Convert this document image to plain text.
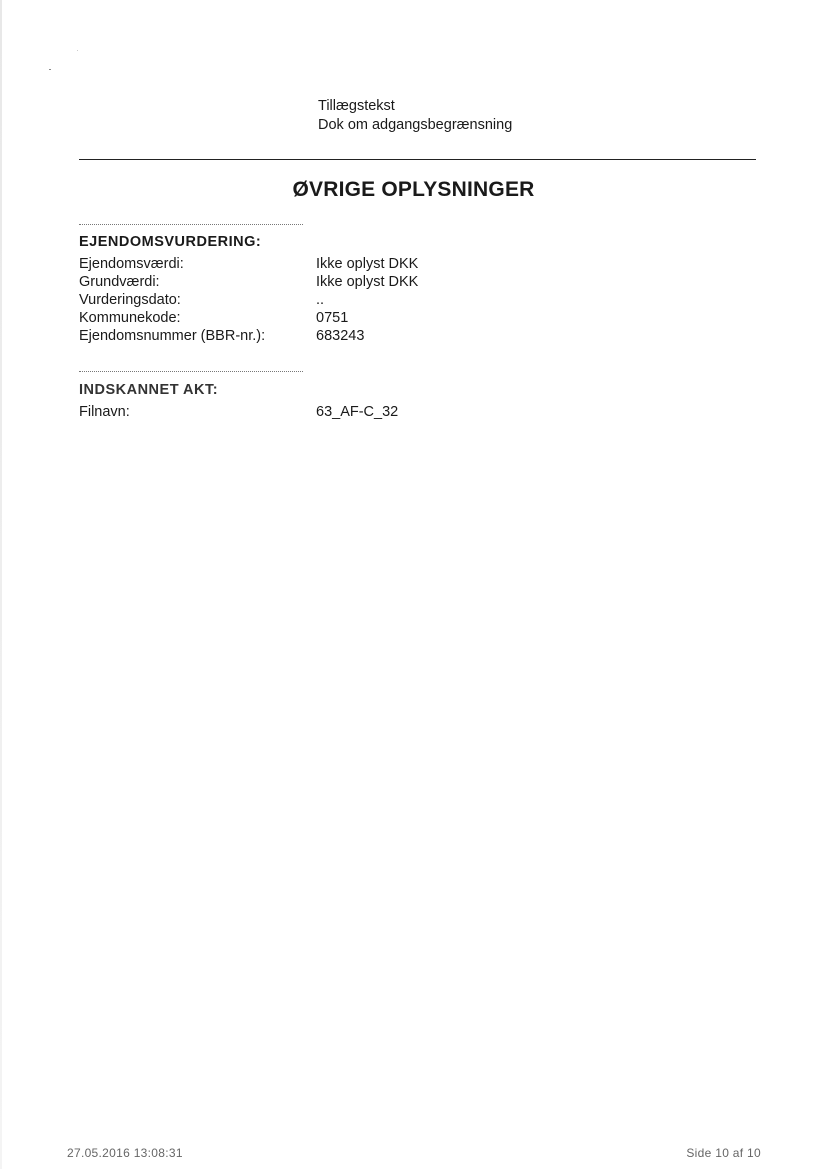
Tillægstekst
Dok om adgangsbegrænsning
ØVRIGE OPLYSNINGER
EJENDOMSVURDERING:
Ejendomsværdi:	Ikke oplyst DKK
Grundværdi:	Ikke oplyst DKK
Vurderingsdato:	..
Kommunekode:	0751
Ejendomsnummer (BBR-nr.):	683243
INDSKANNET AKT:
Filnavn:	63_AF-C_32
27.05.2016 13:08:31	Side 10 af 10
